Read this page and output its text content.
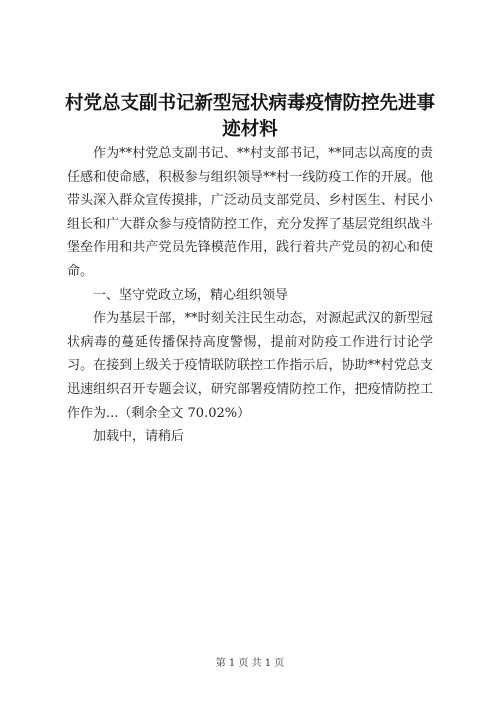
村党总支副书记新型冠状病毒疫情防控先进事迹材料

作为**村党总支副书记、**村支部书记，**同志以高度的责任感和使命感，积极参与组织领导**村一线防疫工作的开展。他带头深入群众宣传摸排，广泛动员支部党员、乡村医生、村民小组长和广大群众参与疫情防控工作，充分发挥了基层党组织战斗堡垒作用和共产党员先锋模范作用，践行着共产党员的初心和使命。

一、坚守党政立场，精心组织领导

作为基层干部，**时刻关注民生动态，对源起武汉的新型冠状病毒的蔓延传播保持高度警惕，提前对防疫工作进行讨论学习。在接到上级关于疫情联防联控工作指示后，协助**村党总支迅速组织召开专题会议，研究部署疫情防控工作，把疫情防控工作作为...（剩余全文 70.02%）

加载中，请稍后

第 1 页 共 1 页
